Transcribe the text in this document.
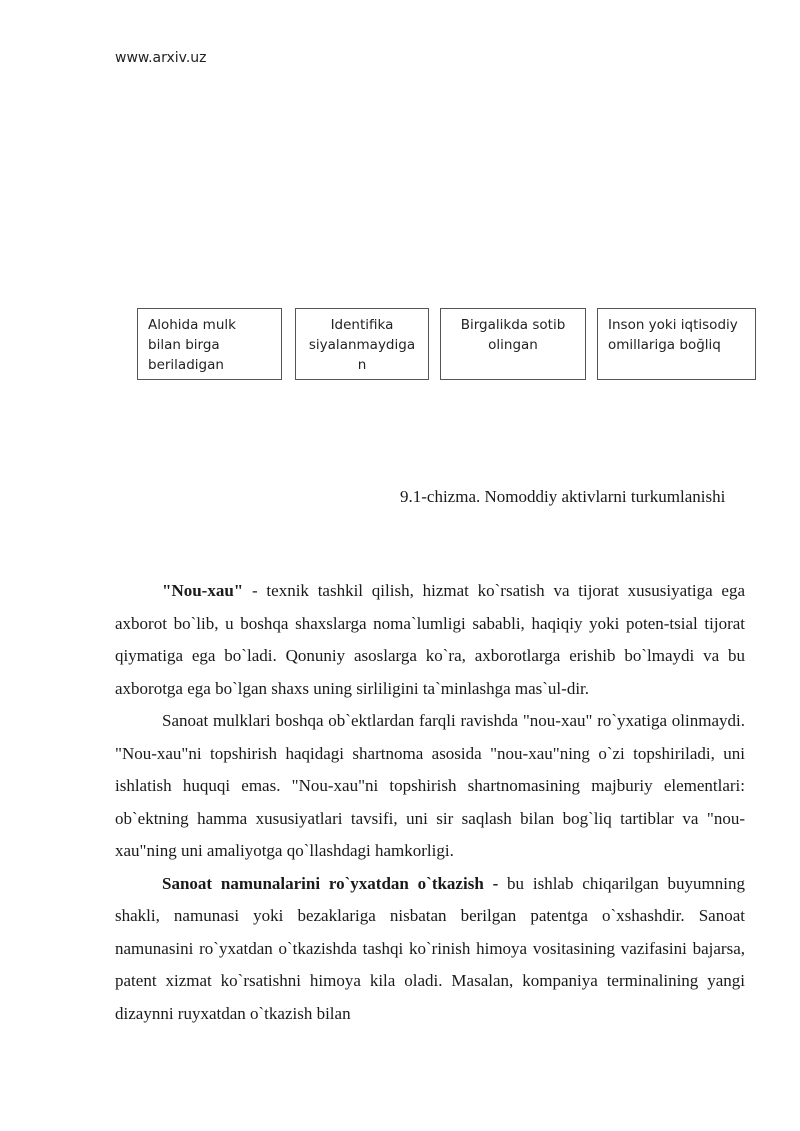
www.arxiv.uz
Alohida mulk bilan birga beriladigan
Identifika siyalanmaydiga n
Birgalikda sotib olingan
Inson yoki iqtisodiy omillariga boğliq
9.1-chizma. Nomoddiy aktivlarni turkumlanishi

"Nou-xau" - texnik tashkil qilish, hizmat ko`rsatish va tijorat xususiyatiga ega axborot bo`lib, u boshqa shaxslarga noma`lumligi sababli, haqiqiy yoki poten-tsial tijorat qiymatiga ega bo`ladi. Qonuniy asoslarga ko`ra, axborotlarga erishib bo`lmaydi va bu axborotga ega bo`lgan shaxs uning sirliligini ta`minlashga mas`ul-dir.

Sanoat mulklari boshqa ob`ektlardan farqli ravishda "nou-xau" ro`yxatiga olinmaydi. "Nou-xau"ni topshirish haqidagi shartnoma asosida "nou-xau"ning o`zi topshiriladi, uni ishlatish huquqi emas. "Nou-xau"ni topshirish shartnomasining majburiy elementlari: ob`ektning hamma xususiyatlari tavsifi, uni sir saqlash bilan bog`liq tartiblar va "nou-xau"ning uni amaliyotga qo`llashdagi hamkorligi.

Sanoat namunalarini ro`yxatdan o`tkazish - bu ishlab chiqarilgan buyumning shakli, namunasi yoki bezaklariga nisbatan berilgan patentga o`xshashdir. Sanoat namunasini ro`yxatdan o`tkazishda tashqi ko`rinish himoya vositasining vazifasini bajarsa, patent xizmat ko`rsatishni himoya kila oladi. Masalan, kompaniya terminalining yangi dizaynni ruyxatdan o`tkazish bilan
